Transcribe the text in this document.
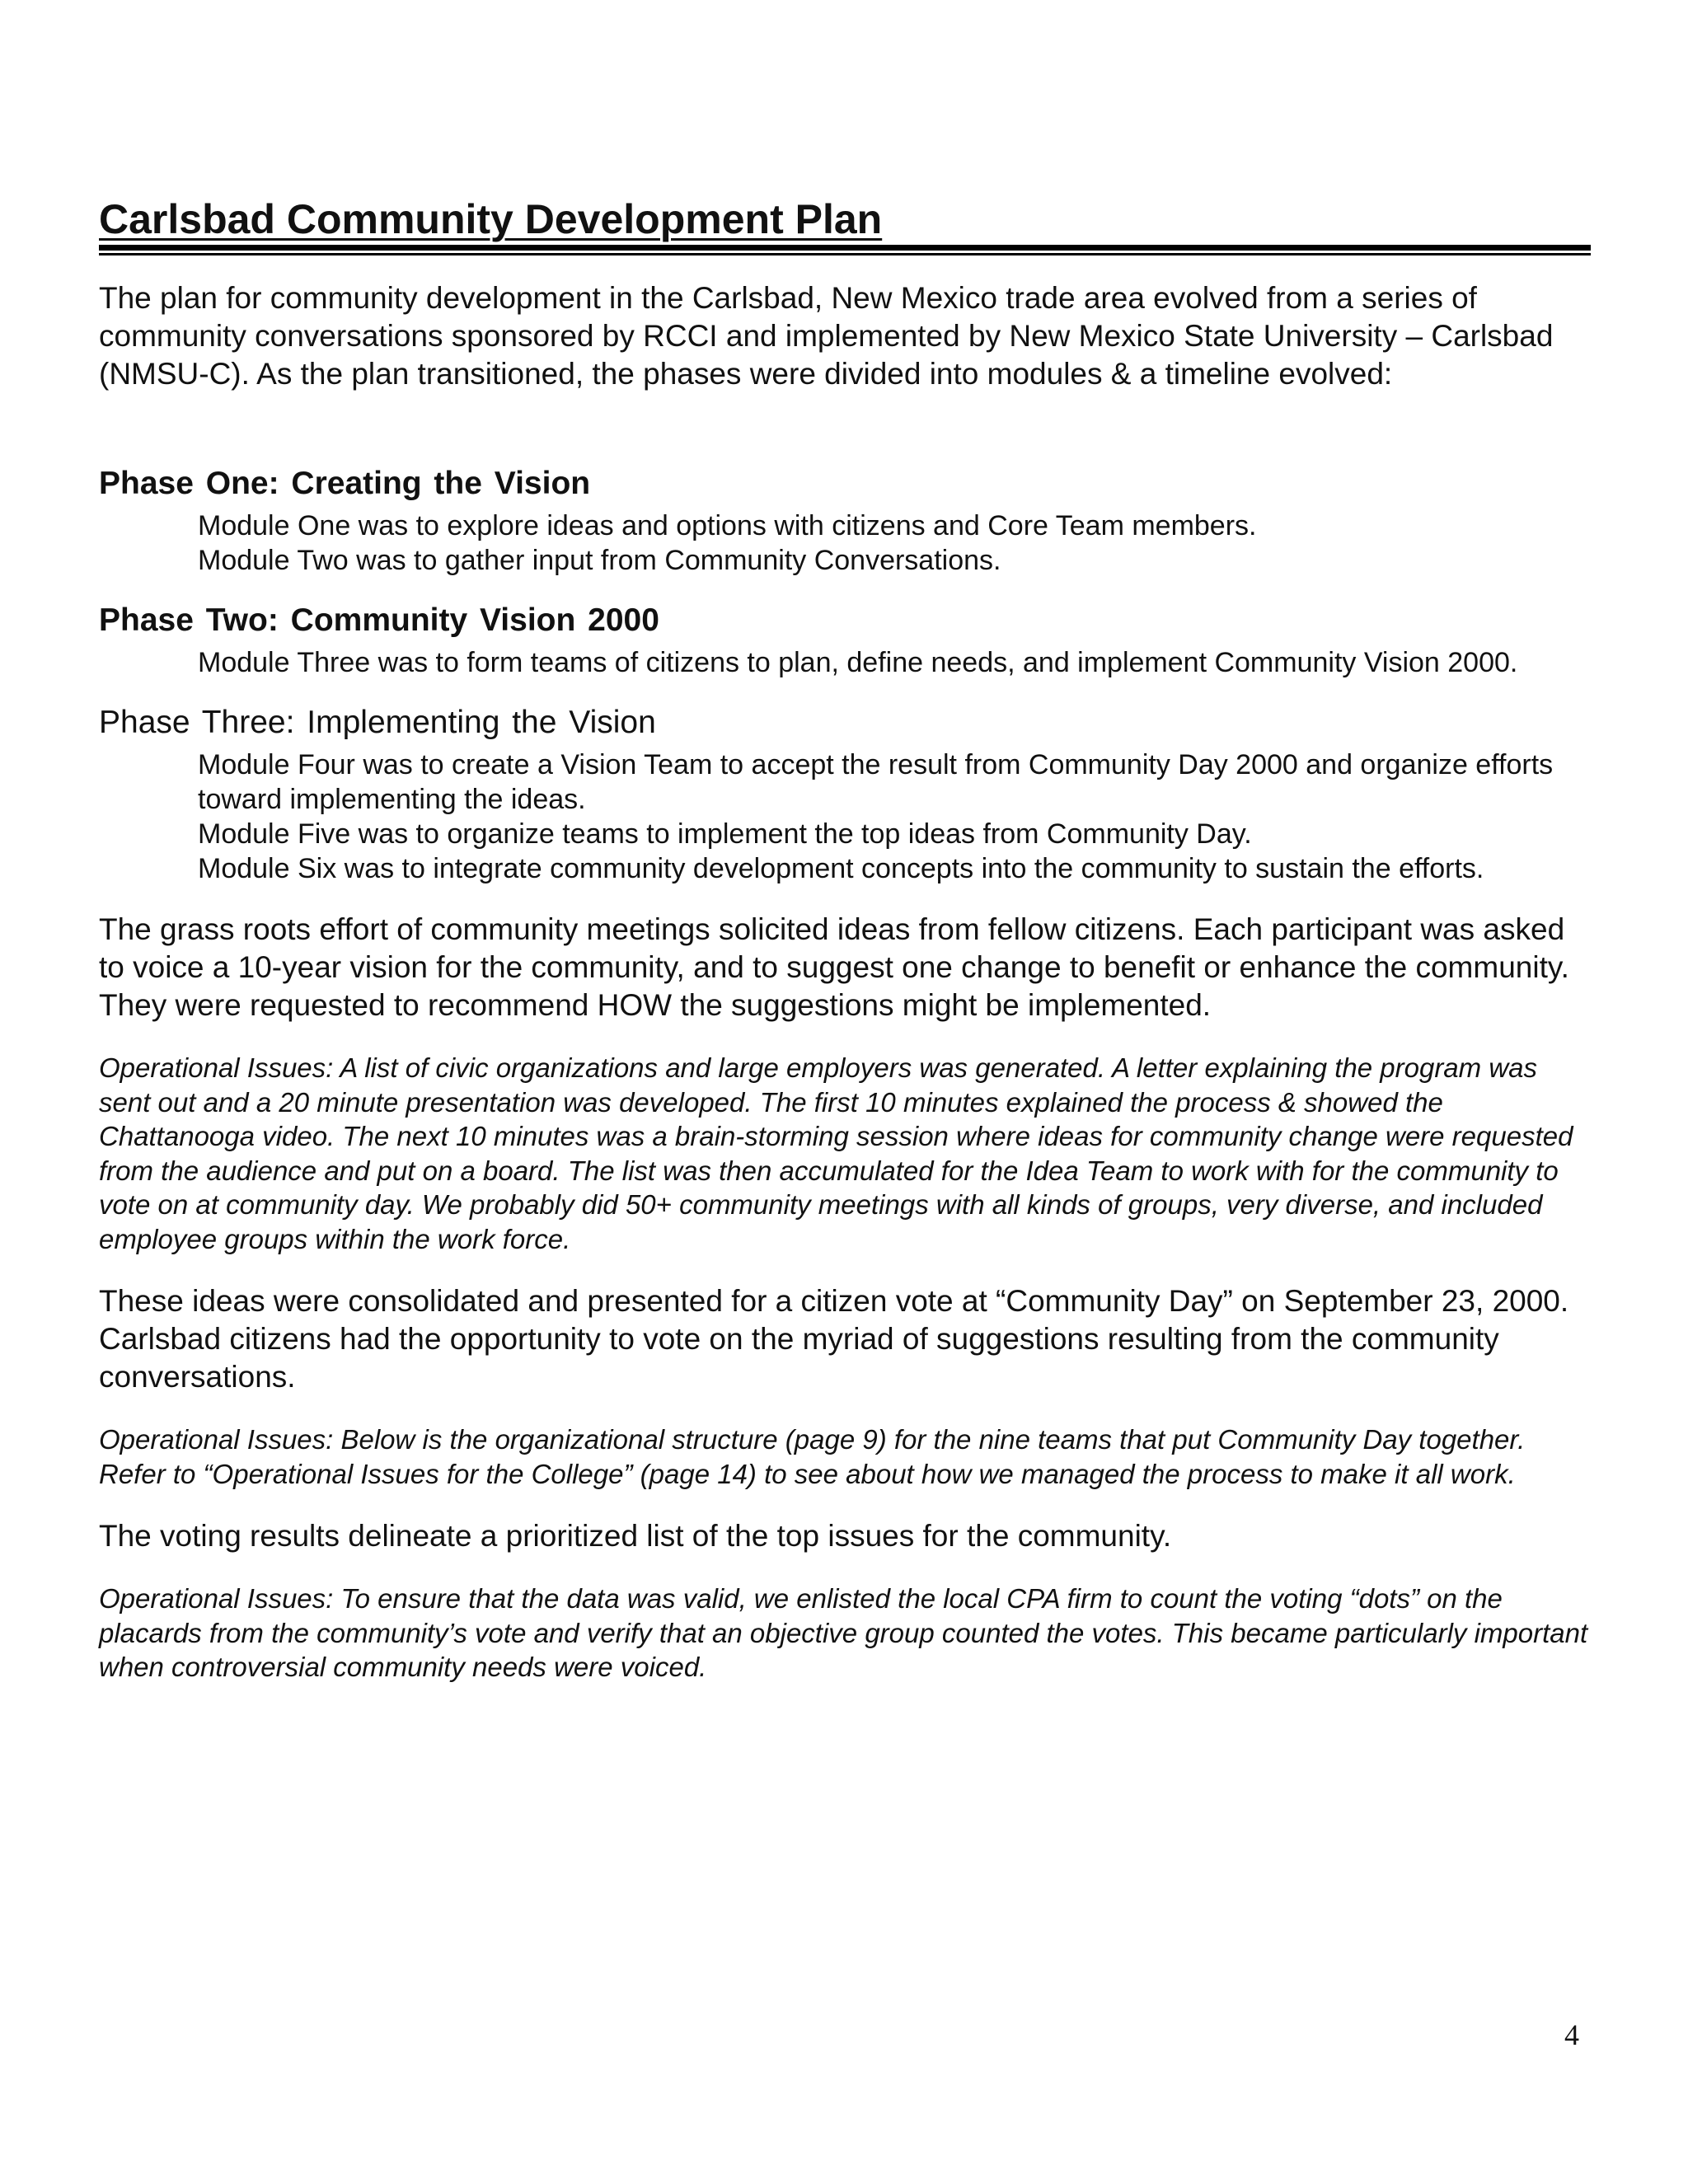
Carlsbad Community Development Plan

The plan for community development in the Carlsbad, New Mexico trade area evolved from a series of community conversations sponsored by RCCI and implemented by New Mexico State University – Carlsbad (NMSU-C). As the plan transitioned, the phases were divided into modules & a timeline evolved:

Phase One: Creating the Vision

Module One was to explore ideas and options with citizens and Core Team members.

Module Two was to gather input from Community Conversations.

Phase Two: Community Vision 2000

Module Three was to form teams of citizens to plan, define needs, and implement Community Vision 2000.

Phase Three: Implementing the Vision

Module Four was to create a Vision Team to accept the result from Community Day 2000 and organize efforts toward implementing the ideas.

Module Five was to organize teams to implement the top ideas from Community Day.

Module Six was to integrate community development concepts into the community to sustain the efforts.

The grass roots effort of community meetings solicited ideas from fellow citizens. Each participant was asked to voice a 10-year vision for the community, and to suggest one change to benefit or enhance the community. They were requested to recommend HOW the suggestions might be implemented.

Operational Issues: A list of civic organizations and large employers was generated. A letter explaining the program was sent out and a 20 minute presentation was developed. The first 10 minutes explained the process & showed the Chattanooga video. The next 10 minutes was a brain-storming session where ideas for community change were requested from the audience and put on a board. The list was then accumulated for the Idea Team to work with for the community to vote on at community day. We probably did 50+ community meetings with all kinds of groups, very diverse, and included employee groups within the work force.

These ideas were consolidated and presented for a citizen vote at “Community Day” on September 23, 2000. Carlsbad citizens had the opportunity to vote on the myriad of suggestions resulting from the community conversations.

Operational Issues: Below is the organizational structure (page 9) for the nine teams that put Community Day together. Refer to “Operational Issues for the College” (page 14) to see about how we managed the process to make it all work.

The voting results delineate a prioritized list of the top issues for the community.

Operational Issues: To ensure that the data was valid, we enlisted the local CPA firm to count the voting “dots” on the placards from the community’s vote and verify that an objective group counted the votes. This became particularly important when controversial community needs were voiced.

4
